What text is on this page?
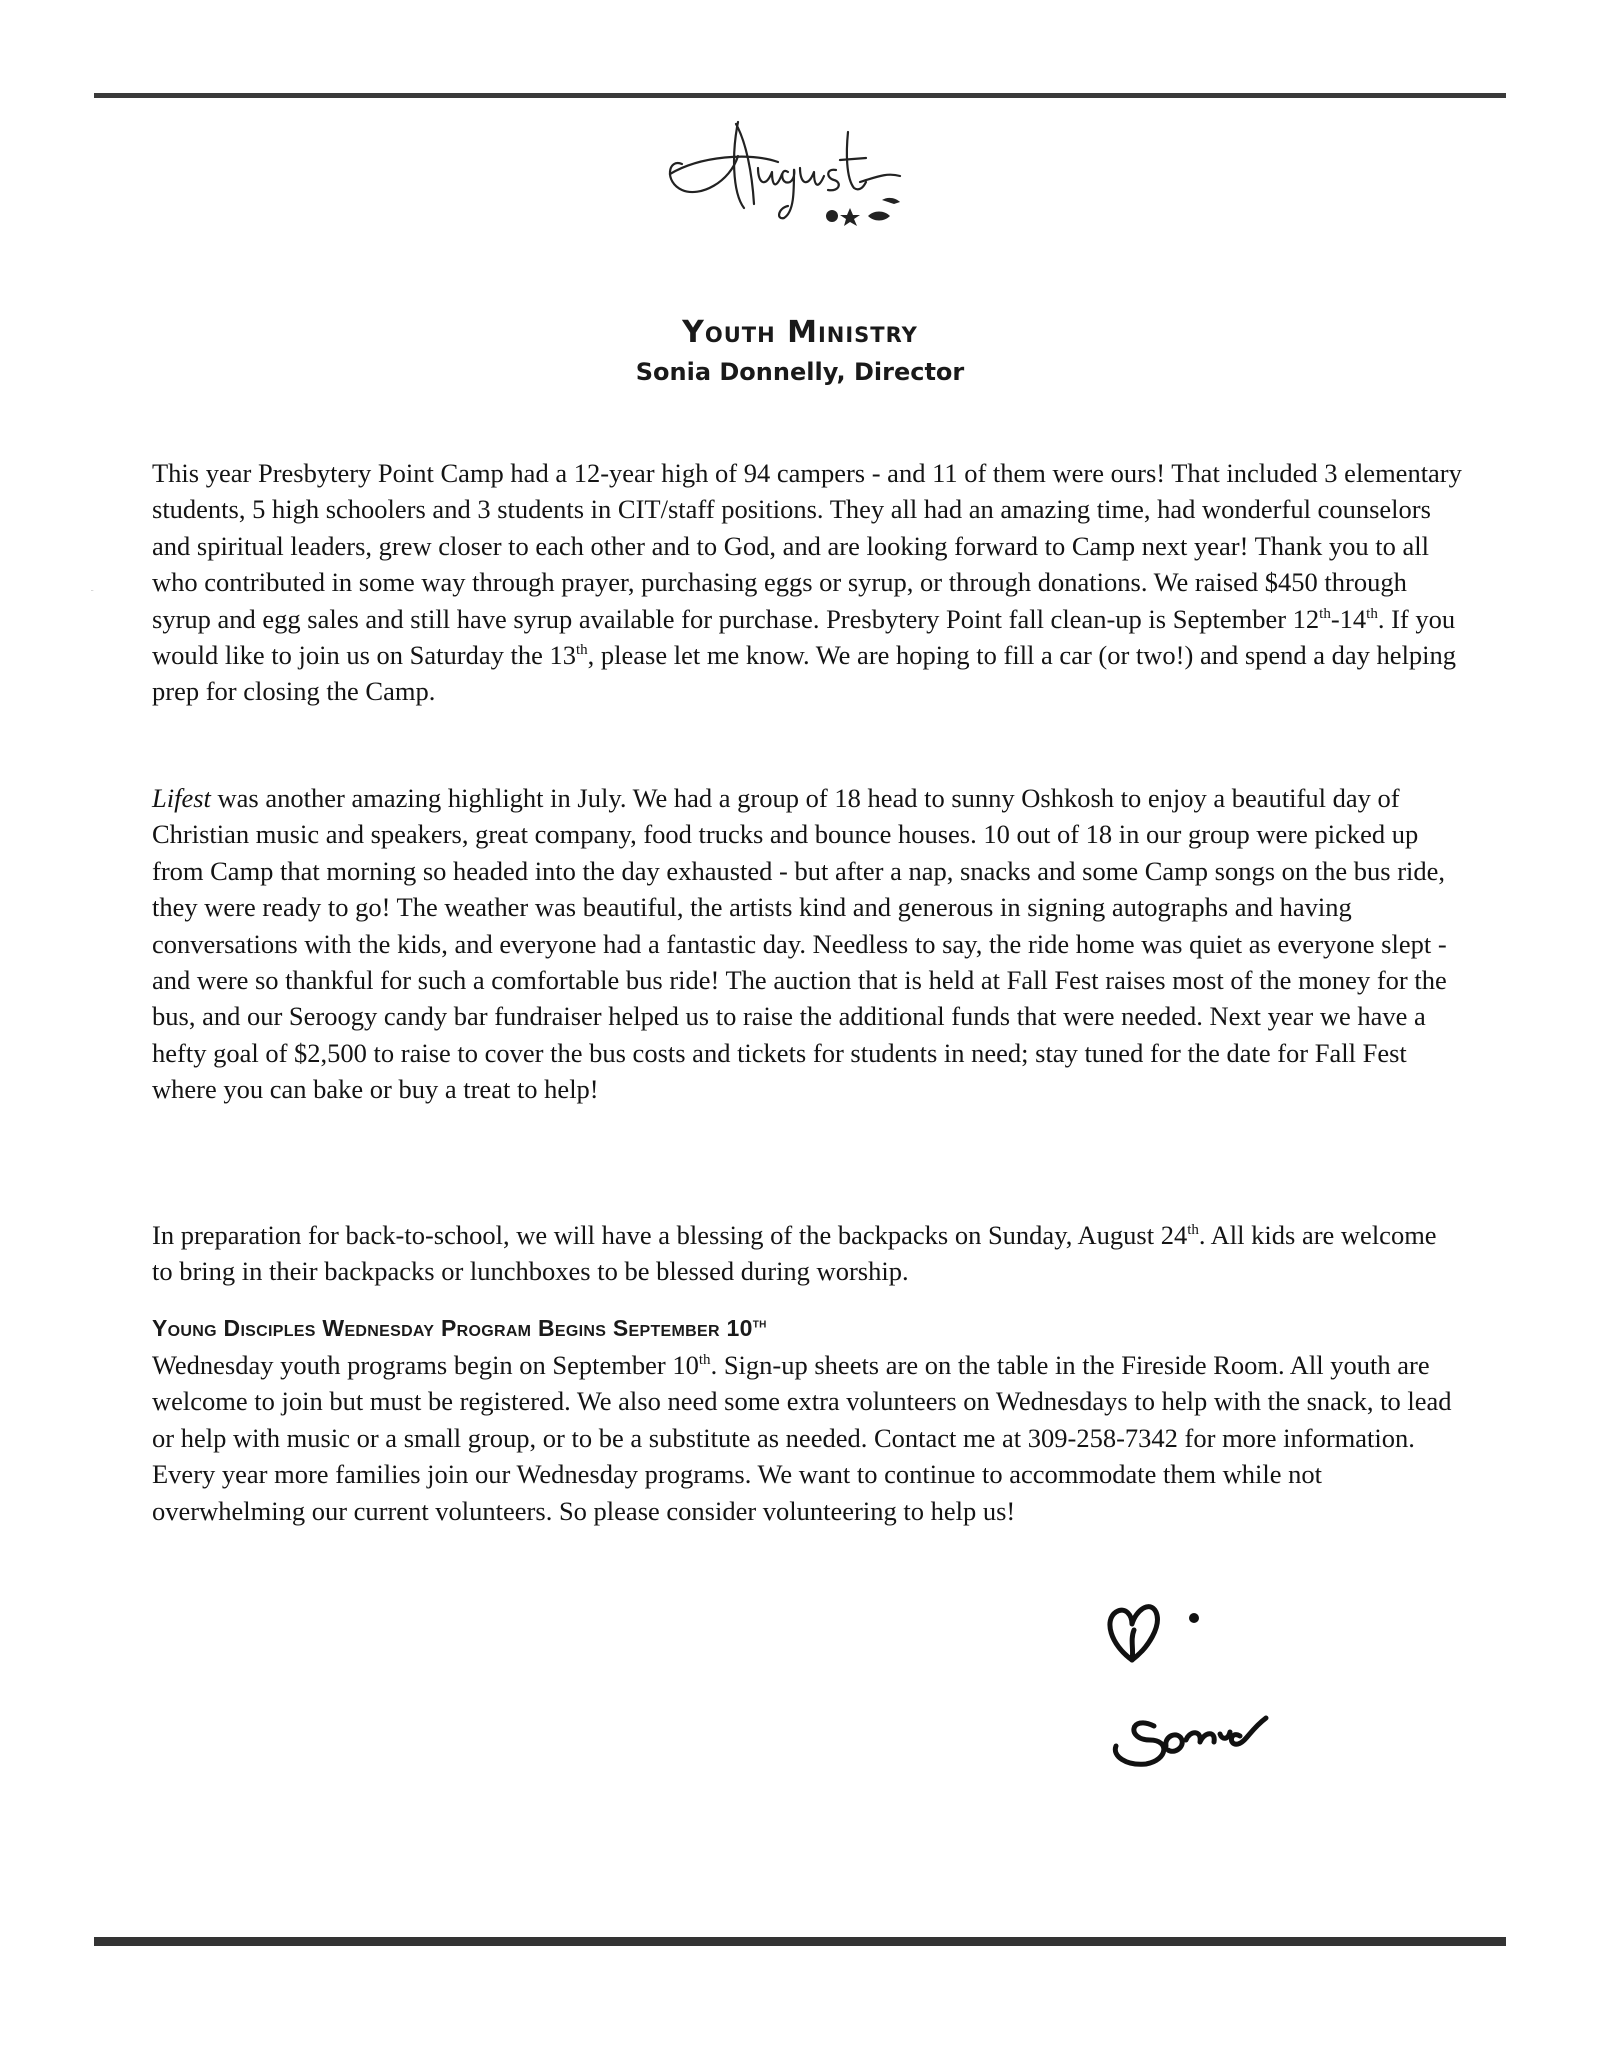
Youth Ministry
Sonia Donnelly, Director

This year Presbytery Point Camp had a 12-year high of 94 campers - and 11 of them were ours! That included 3 elementary students, 5 high schoolers and 3 students in CIT/staff positions. They all had an amazing time, had wonderful counselors and spiritual leaders, grew closer to each other and to God, and are looking forward to Camp next year! Thank you to all who contributed in some way through prayer, purchasing eggs or syrup, or through donations. We raised $450 through syrup and egg sales and still have syrup available for purchase. Presbytery Point fall clean-up is September 12th-14th. If you would like to join us on Saturday the 13th, please let me know. We are hoping to fill a car (or two!) and spend a day helping prep for closing the Camp.

Lifest was another amazing highlight in July. We had a group of 18 head to sunny Oshkosh to enjoy a beautiful day of Christian music and speakers, great company, food trucks and bounce houses. 10 out of 18 in our group were picked up from Camp that morning so headed into the day exhausted - but after a nap, snacks and some Camp songs on the bus ride, they were ready to go! The weather was beautiful, the artists kind and generous in signing autographs and having conversations with the kids, and everyone had a fantastic day. Needless to say, the ride home was quiet as everyone slept - and were so thankful for such a comfortable bus ride! The auction that is held at Fall Fest raises most of the money for the bus, and our Seroogy candy bar fundraiser helped us to raise the additional funds that were needed. Next year we have a hefty goal of $2,500 to raise to cover the bus costs and tickets for students in need; stay tuned for the date for Fall Fest where you can bake or buy a treat to help!

In preparation for back-to-school, we will have a blessing of the backpacks on Sunday, August 24th. All kids are welcome to bring in their backpacks or lunchboxes to be blessed during worship.

Young Disciples Wednesday Program Begins September 10th

Wednesday youth programs begin on September 10th. Sign-up sheets are on the table in the Fireside Room. All youth are welcome to join but must be registered. We also need some extra volunteers on Wednesdays to help with the snack, to lead or help with music or a small group, or to be a substitute as needed. Contact me at 309-258-7342 for more information. Every year more families join our Wednesday programs. We want to continue to accommodate them while not overwhelming our current volunteers. So please consider volunteering to help us!

Sonia
